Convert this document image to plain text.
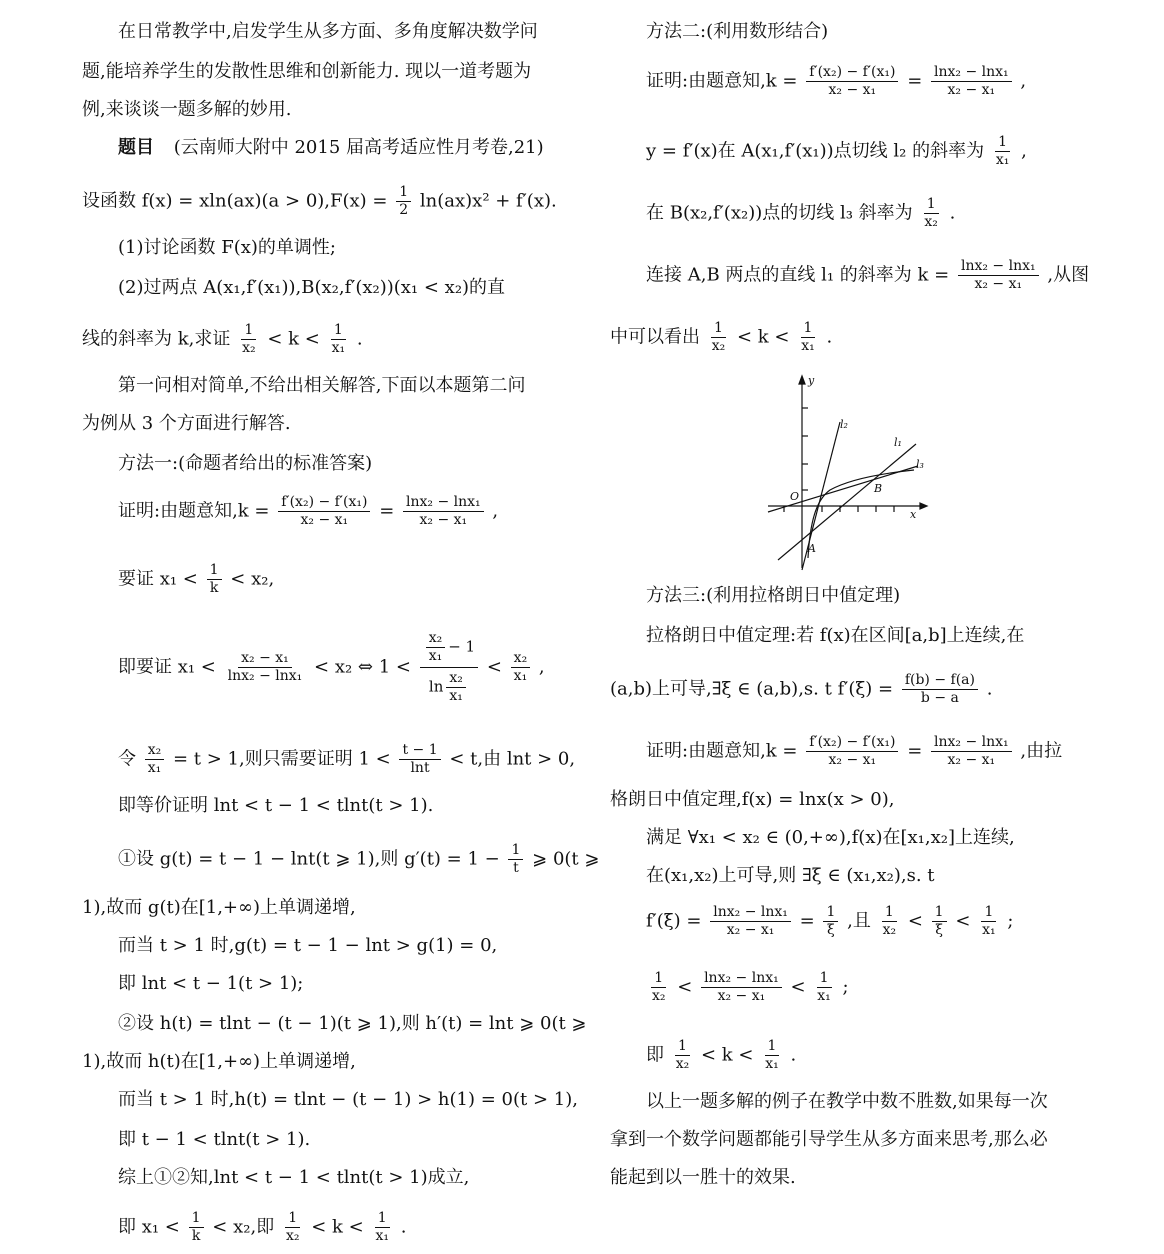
在日常教学中,启发学生从多方面、多角度解决数学问
题,能培养学生的发散性思维和创新能力. 现以一道考题为
例,来谈谈一题多解的妙用.
题目 (云南师大附中 2015 届高考适应性月考卷,21)
设函数 $f(x) = xln(ax)(a > 0),F(x) = \frac{1}{2} \ln(ax)x^2 + f'(x)$.
(1)讨论函数 F(x)的单调性;
(2)过两点 A(x₁,f′(x₁)),B(x₂,f′(x₂))(x₁ < x₂)的直
线的斜率为 k,求证 $\frac{1}{\text{x₂}} < k < \frac{1}{\text{x₁}}$ .
第一问相对简单,不给出相关解答,下面以本题第二问
为例从 3 个方面进行解答.
方法一:(命题者给出的标准答案)
证明:由题意知$,k = \frac{\text{f′(x₂) − f′(x₁)}}{\text{x₂ − x₁}} = \frac{\text{lnx₂ − lnx₁}}{\text{x₂ − x₁}}$ ,
要证 $x_1 < \frac{1}{k} < x_2$,
即要证 $x_1 < \frac{\text{x₂ − x₁}}{\text{lnx₂ − lnx₁}} < x_2$ ⇔ $1 < \frac{\frac{\text{x₂}}{\text{x₁}} - 1}{\ln \frac{\text{x₂}}{\text{x₁}}} < \frac{\text{x₂}}{\text{x₁}}$ ,
令 $\frac{\text{x₂}}{\text{x₁}} = t > 1$,则只需要证明 $1 < \frac{t - 1}{\ln t} < t$,由 lnt > 0,
即等价证明 lnt < t − 1 < tlnt(t > 1).
①设 g(t) = t − 1 − lnt(t ⩾ 1),则 $g'(t) = 1 - \frac{1}{t}$ ⩾ 0(t ⩾
1),故而 g(t)在[1,+∞)上单调递增,
而当 t > 1 时,g(t) = t − 1 − lnt > g(1) = 0,
即 lnt < t − 1(t > 1);
②设 h(t) = tlnt − (t − 1)(t ⩾ 1),则 h′(t) = lnt ⩾ 0(t ⩾
1),故而 h(t)在[1,+∞)上单调递增,
而当 t > 1 时,h(t) = tlnt − (t − 1) > h(1) = 0(t > 1),
即 t − 1 < tlnt(t > 1).
综上①②知,lnt < t − 1 < tlnt(t > 1)成立,
即 $x_1 < \frac{1}{k} < x_2$,即 $\frac{1}{\text{x₂}} < k < \frac{1}{\text{x₁}}$ .
方法二:(利用数形结合)
证明:由题意知$,k = \frac{\text{f′(x₂) − f′(x₁)}}{\text{x₂ − x₁}} = \frac{\text{lnx₂ − lnx₁}}{\text{x₂ − x₁}}$ ,
y = f′(x)在 A(x₁,f′(x₁))点切线 l₂ 的斜率为 $\frac{1}{\text{x₁}}$ ,
在 B(x₂,f′(x₂))点的切线 l₃ 斜率为 $\frac{1}{\text{x₂}}$ .
连接 A,B 两点的直线 l₁ 的斜率为 $k = \frac{\text{lnx₂ − lnx₁}}{\text{x₂ − x₁}}$ ,从图
中可以看出 $\frac{1}{\text{x₂}} < k < \frac{1}{\text{x₁}}$ .
方法三:(利用拉格朗日中值定理)
拉格朗日中值定理:若 f(x)在区间[a,b]上连续,在
(a,b)上可导,∃ξ ∈ (a,b),s. t $f'(\xi) = \frac{f(b) - f(a)}{b - a}$ .
证明:由题意知$,k = \frac{\text{f′(x₂) − f′(x₁)}}{\text{x₂ − x₁}} = \frac{\text{lnx₂ − lnx₁}}{\text{x₂ − x₁}}$ ,由拉
格朗日中值定理,f(x) = lnx(x > 0),
满足 ∀x₁ < x₂ ∈ (0,+∞),f(x)在[x₁,x₂]上连续,
在(x₁,x₂)上可导,则 ∃ξ ∈ (x₁,x₂),s. t
$f'(\xi) = \frac{\text{lnx₂ − lnx₁}}{\text{x₂ − x₁}} = \frac{1}{\xi}$ ,且 $\frac{1}{\text{x₂}} < \frac{1}{\xi} < \frac{1}{\text{x₁}}$ ;
$\frac{1}{\text{x₂}} < \frac{\text{lnx₂ − lnx₁}}{\text{x₂ − x₁}} < \frac{1}{\text{x₁}}$ ;
即 $\frac{1}{\text{x₂}} < k < \frac{1}{\text{x₁}}$ .
以上一题多解的例子在教学中数不胜数,如果每一次
拿到一个数学问题都能引导学生从多方面来思考,那么必
能起到以一胜十的效果.
y
x
O
A
B
l₁
l₂
l₃
